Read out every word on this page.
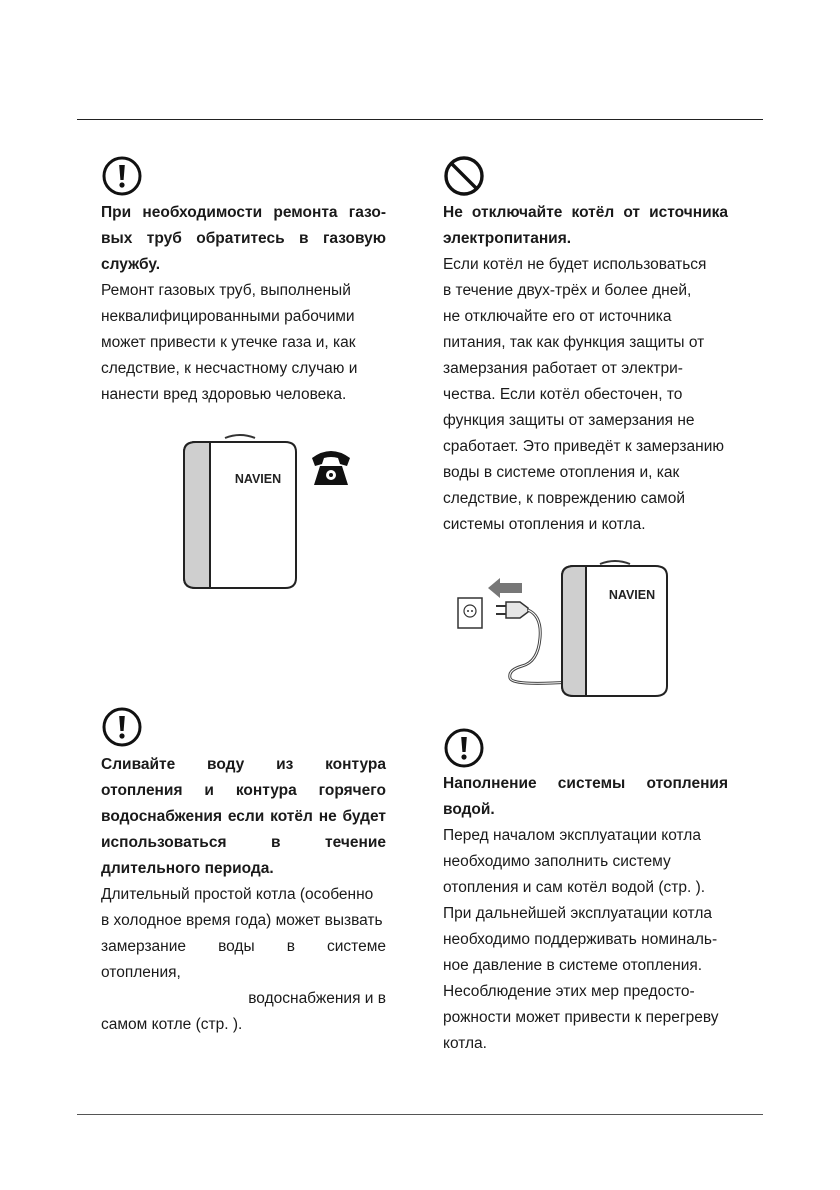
При необходимости ремонта газо-вых труб обратитесь в газовую службу.

Ремонт газовых труб, выполненый

неквалифицированными рабочими

может привести к утечке газа и, как

следствие, к несчастному случаю и

нанести вред здоровью человека.

NAVIEN

Не отключайте котёл от источника электропитания.

Если котёл не будет использоваться

в течение двух-трёх и более дней,

не отключайте его от источника

питания, так как функция защиты от

замерзания работает от электри-

чества. Если котёл обесточен, то

функция защиты от замерзания не

сработает. Это приведёт к замерзанию

воды в системе отопления и, как

следствие, к повреждению самой

системы отопления и котла.

NAVIEN

Сливайте воду из контура отопления и контура горячего водоснабжения если котёл не будет использоваться в течение длительного периода.

Длительный простой котла (особенно

в холодное время года) может вызвать

замерзание воды в системе отопления,

водоснабжения и в

самом котле (стр. ).

Наполнение системы отопления водой.

Перед началом эксплуатации котла

необходимо заполнить систему

отопления и сам котёл водой (стр. ).

При дальнейшей эксплуатации котла

необходимо поддерживать номиналь-

ное давление в системе отопления.

Несоблюдение этих мер предосто-

рожности может привести к перегреву

котла.
